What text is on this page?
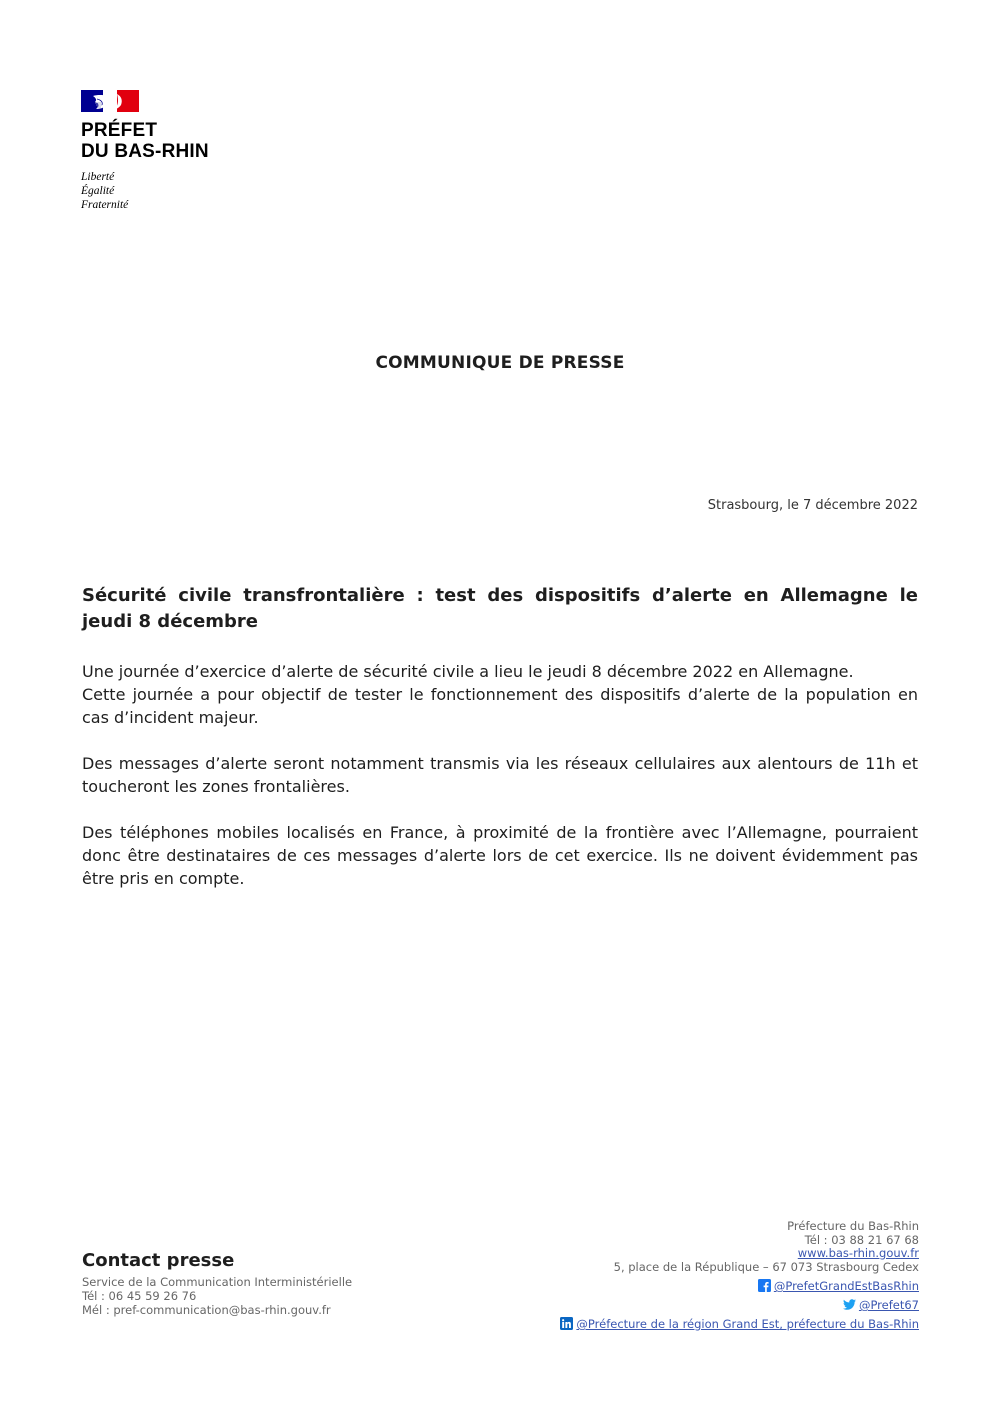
PRÉFET
DU BAS-RHIN
Liberté
Égalité
Fraternité
COMMUNIQUE DE PRESSE
Strasbourg, le 7 décembre 2022
Sécurité civile transfrontalière : test des dispositifs d’alerte en Allemagne le jeudi 8 décembre

Une journée d’exercice d’alerte de sécurité civile a lieu le jeudi 8 décembre 2022 en Allemagne.

Cette journée a pour objectif de tester le fonctionnement des dispositifs d’alerte de la population en cas d’incident majeur.

Des messages d’alerte seront notamment transmis via les réseaux cellulaires aux alentours de 11h et toucheront les zones frontalières.

Des téléphones mobiles localisés en France, à proximité de la frontière avec l’Allemagne, pourraient donc être destinataires de ces messages d’alerte lors de cet exercice. Ils ne doivent évidemment pas être pris en compte.

Contact presse
Service de la Communication Interministérielle
Tél : 06 45 59 26 76
Mél : pref-communication@bas-rhin.gouv.fr
Préfecture du Bas-Rhin
Tél : 03 88 21 67 68
www.bas-rhin.gouv.fr
5, place de la République – 67 073 Strasbourg Cedex
@PrefetGrandEstBasRhin
@Prefet67
@Préfecture de la région Grand Est, préfecture du Bas-Rhin
